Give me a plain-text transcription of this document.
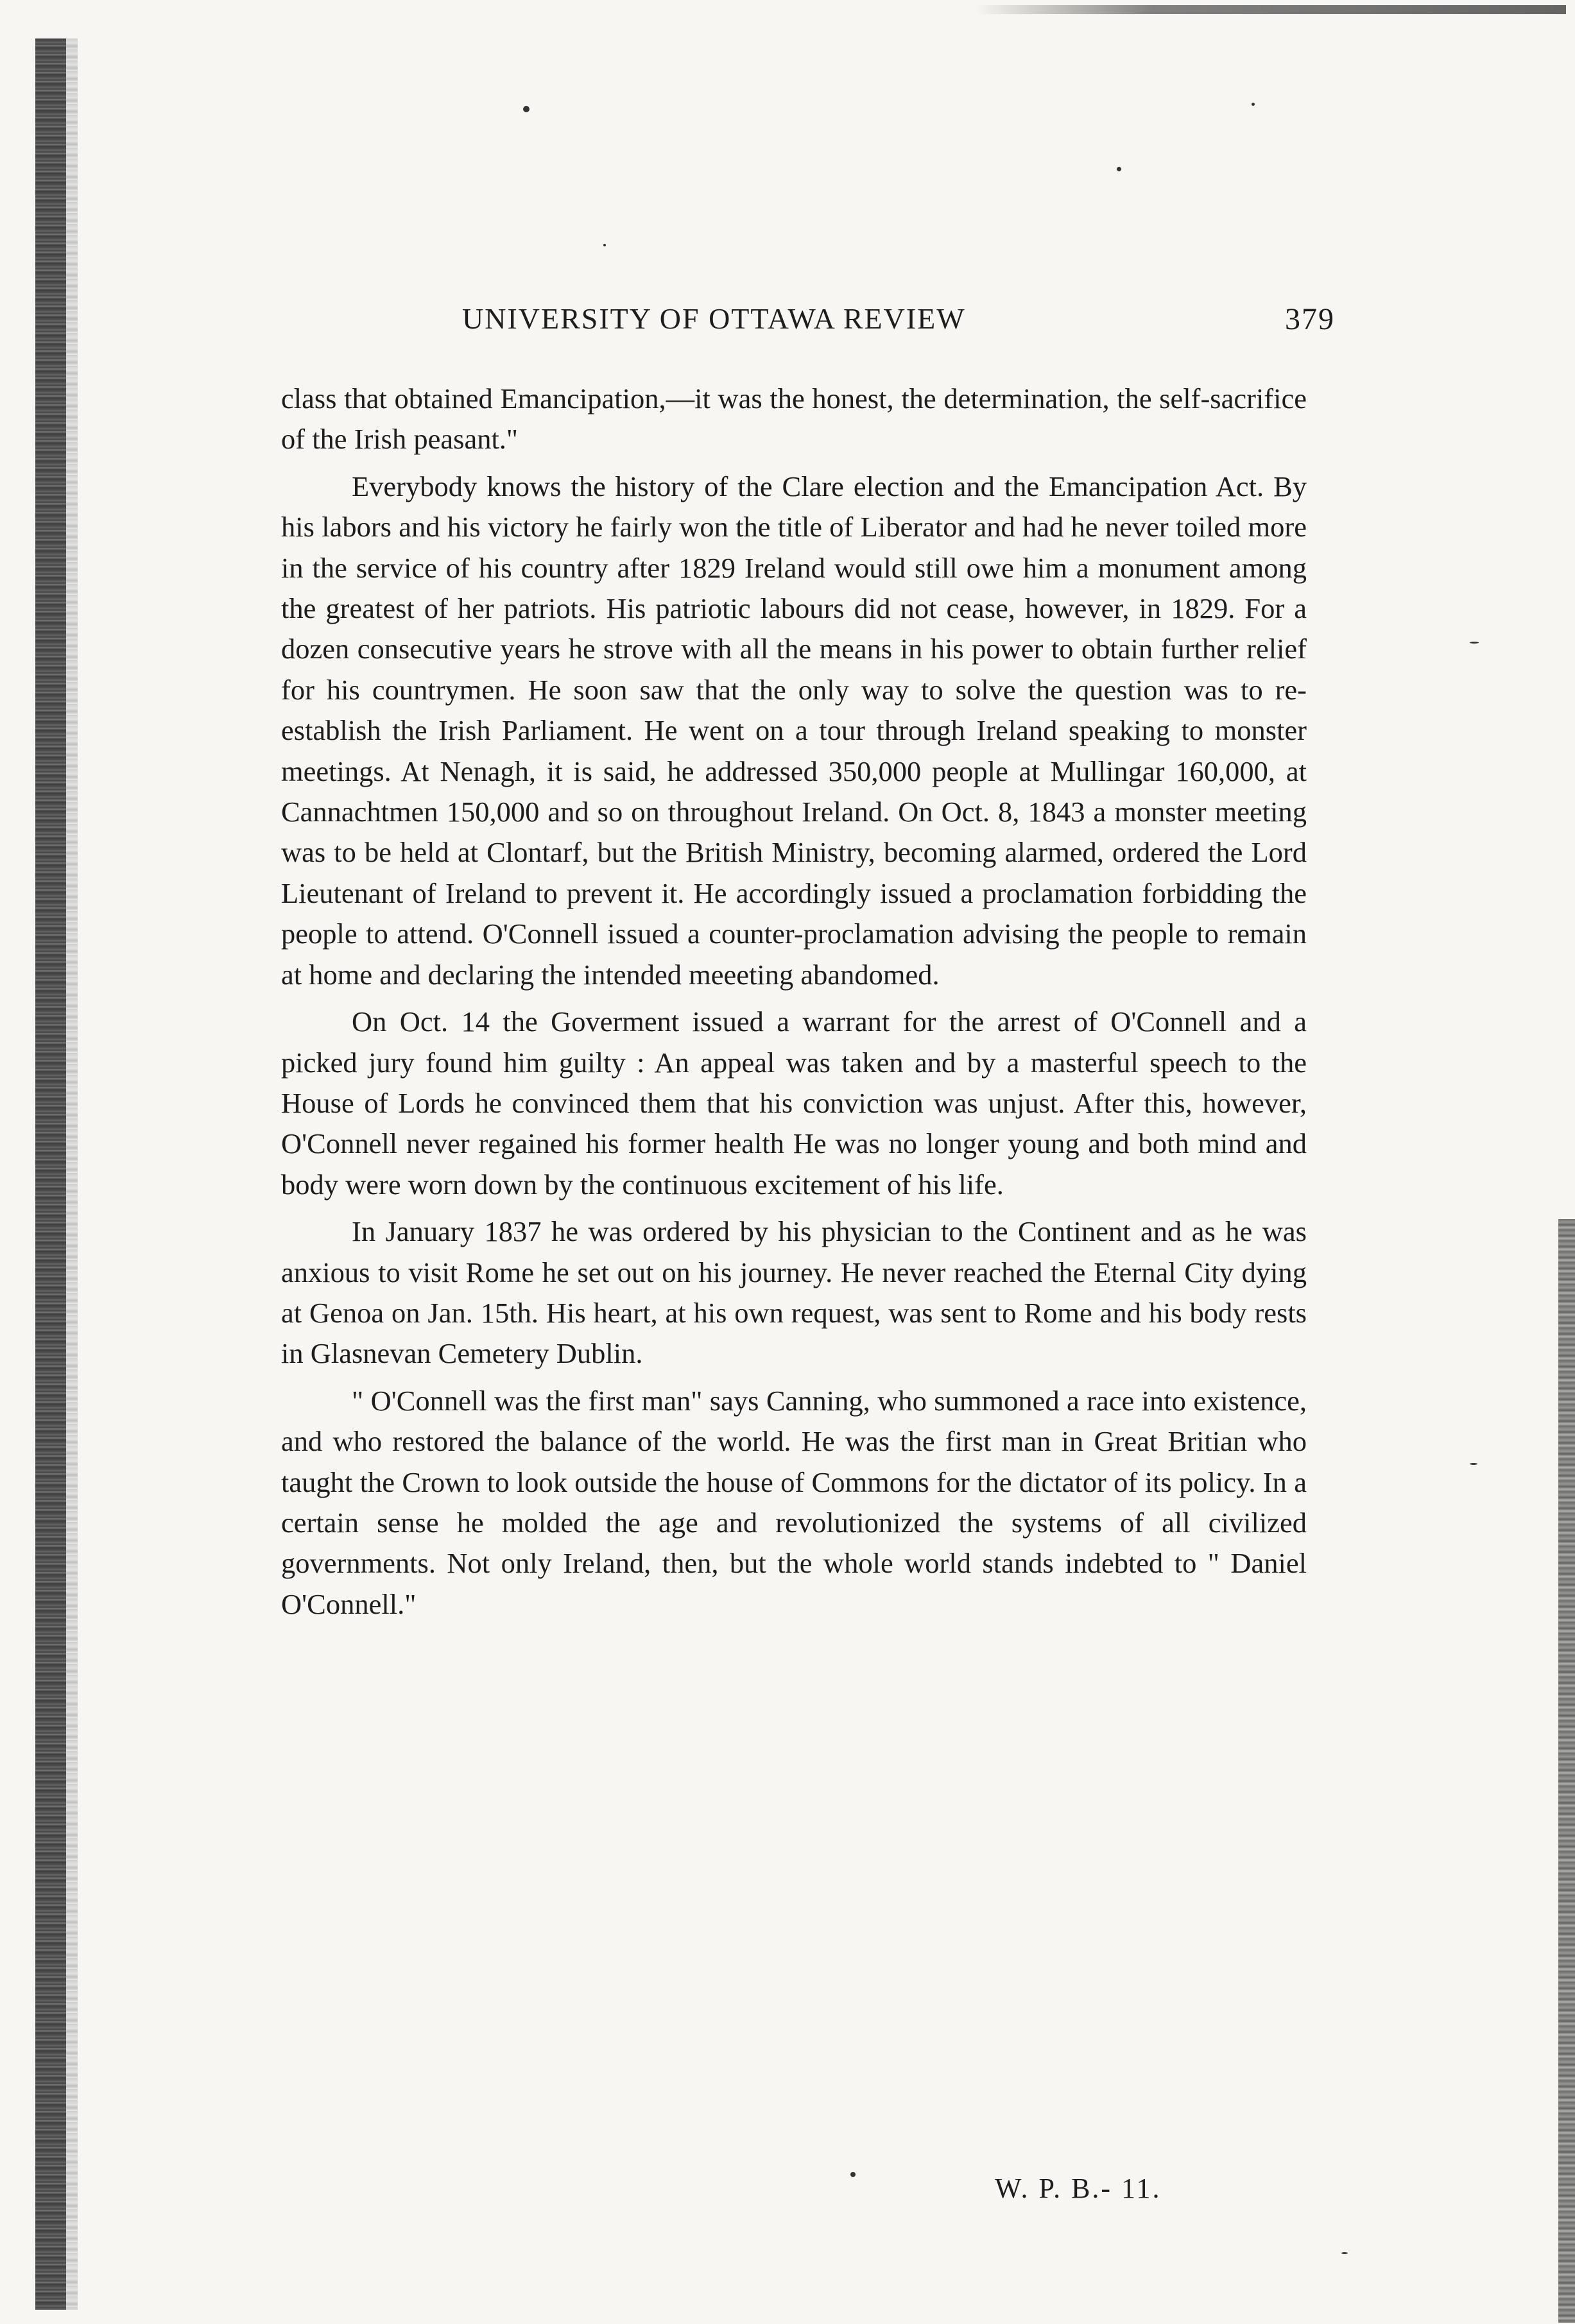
UNIVERSITY OF OTTAWA REVIEW	379

class that obtained Emancipation,—it was the honest, the determination, the self-sacrifice of the Irish peasant."

Everybody knows the history of the Clare election and the Emancipation Act. By his labors and his victory he fairly won the title of Liberator and had he never toiled more in the service of his country after 1829 Ireland would still owe him a monument among the greatest of her patriots. His patriotic labours did not cease, however, in 1829. For a dozen consecutive years he strove with all the means in his power to obtain further relief for his countrymen. He soon saw that the only way to solve the question was to re-establish the Irish Parliament. He went on a tour through Ireland speaking to monster meetings. At Nenagh, it is said, he addressed 350,000 people at Mullingar 160,000, at Cannachtmen 150,000 and so on throughout Ireland. On Oct. 8, 1843 a monster meeting was to be held at Clontarf, but the British Ministry, becoming alarmed, ordered the Lord Lieutenant of Ireland to prevent it. He accordingly issued a proclamation forbidding the people to attend. O'Connell issued a counter-proclamation advising the people to remain at home and declaring the intended meeeting abandomed.

On Oct. 14 the Goverment issued a warrant for the arrest of O'Connell and a picked jury found him guilty : An appeal was taken and by a masterful speech to the House of Lords he convinced them that his conviction was unjust. After this, however, O'Connell never regained his former health He was no longer young and both mind and body were worn down by the continuous excitement of his life.

In January 1837 he was ordered by his physician to the Continent and as he was anxious to visit Rome he set out on his journey. He never reached the Eternal City dying at Genoa on Jan. 15th. His heart, at his own request, was sent to Rome and his body rests in Glasnevan Cemetery Dublin.

" O'Connell was the first man" says Canning, who summoned a race into existence, and who restored the balance of the world. He was the first man in Great Britian who taught the Crown to look outside the house of Commons for the dictator of its policy. In a certain sense he molded the age and revolutionized the systems of all civilized governments. Not only Ireland, then, but the whole world stands indebted to " Daniel O'Connell."

W. P. B.- 11.
